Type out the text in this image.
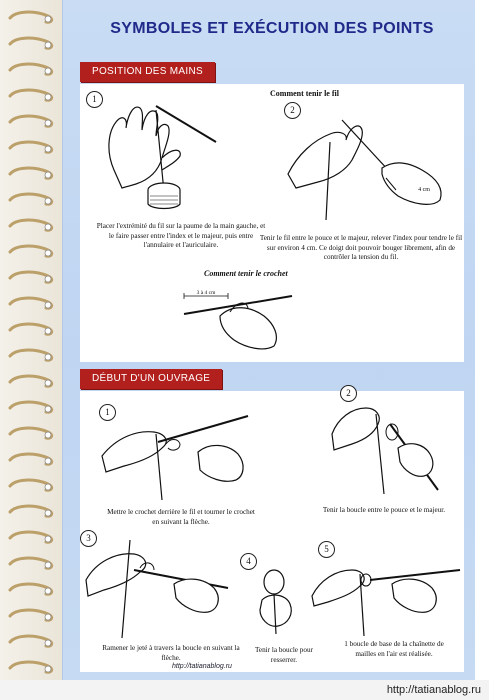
SYMBOLES ET EXÉCUTION DES POINTS
POSITION DES MAINS
1
Placer l'extrémité du fil sur la paume de la main gauche, et le faire passer entre l'index et le majeur, puis entre l'annulaire et l'auriculaire.
Comment tenir le fil
2
4 cm
Tenir le fil entre le pouce et le majeur, relever l'index pour tendre le fil sur environ 4 cm. Ce doigt doit pouvoir bouger librement, afin de contrôler la tension du fil.
Comment tenir le crochet
3 à 4 cm
DÉBUT D'UN OUVRAGE
1
Mettre le crochet derrière le fil et tourner le crochet en suivant la flèche.
2
Tenir la boucle entre le pouce et le majeur.
3
Ramener le jeté à travers la boucle en suivant la flèche.
4
Tenir la boucle pour resserrer.
5
1 boucle de base de la chaînette de mailles en l'air est réalisée.
http://tatianablog.ru
http://tatianablog.ru
